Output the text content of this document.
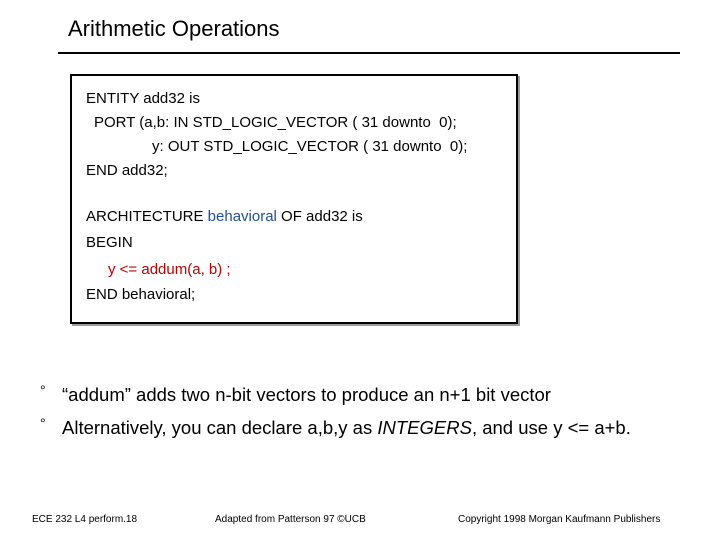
Arithmetic Operations
ENTITY add32 is
PORT (a,b: IN STD_LOGIC_VECTOR ( 31 downto  0);
y: OUT STD_LOGIC_VECTOR ( 31 downto  0);
END add32;
ARCHITECTURE behavioral OF add32 is
BEGIN
y <= addum(a, b) ;
END behavioral;
° “addum” adds two n-bit vectors to produce an n+1 bit vector
° Alternatively, you can declare a,b,y as INTEGERS, and use y <= a+b.
ECE 232 L4 perform.18	Adapted from Patterson 97 ©UCB	Copyright 1998 Morgan Kaufmann Publishers
